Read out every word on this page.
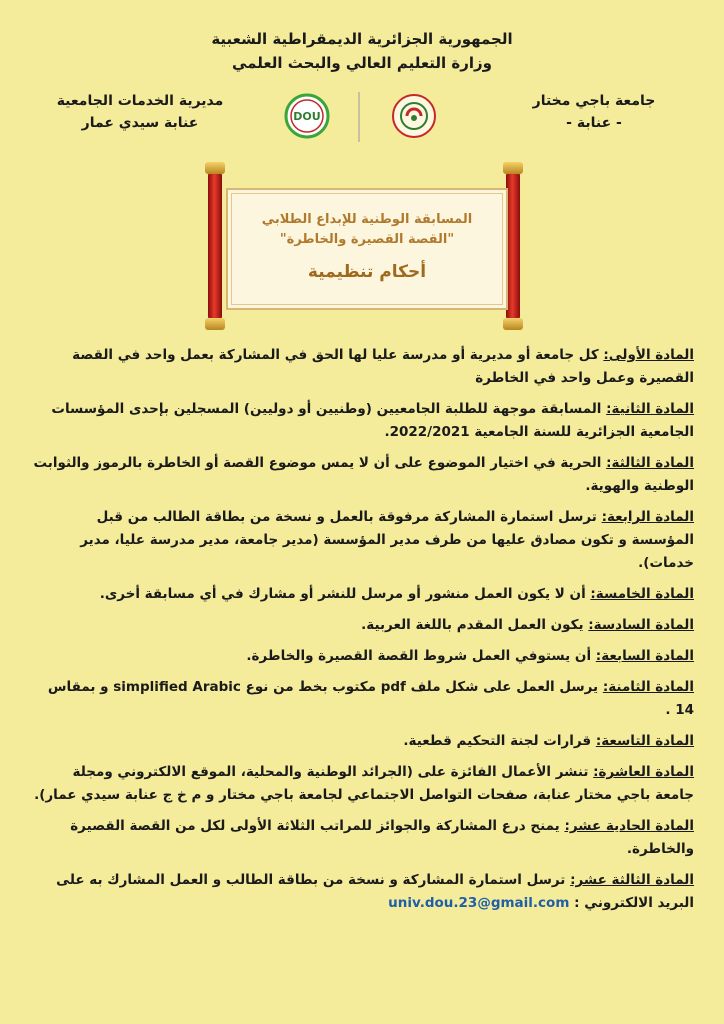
الجمهورية الجزائرية الديمقراطية الشعبية
وزارة التعليم العالي والبحث العلمي
جامعة باجي مختار
- عنابة -
مديرية الخدمات الجامعية
عنابة سيدي عمار	DOU
المسابقة الوطنية للإبداع الطلابي
"القصة القصيرة والخاطرة"
أحكام تنظيمية
المادة الأولى: كل جامعة أو مديرية أو مدرسة عليا لها الحق في المشاركة بعمل واحد في القصة القصيرة وعمل واحد في الخاطرة
المادة الثانية: المسابقة موجهة للطلبة الجامعيين (وطنيين أو دوليين) المسجلين بإحدى المؤسسات الجامعية الجزائرية للسنة الجامعية 2022/2021.
المادة الثالثة: الحرية في اختيار الموضوع على أن لا يمس موضوع القصة أو الخاطرة بالرموز والثوابت الوطنية والهوية.
المادة الرابعة: ترسل استمارة المشاركة مرفوقة بالعمل و نسخة من بطاقة الطالب من قبل المؤسسة و تكون مصادق عليها من طرف مدير المؤسسة (مدير جامعة، مدير مدرسة عليا، مدير خدمات).
المادة الخامسة: أن لا يكون العمل منشور أو مرسل للنشر أو مشارك في أي مسابقة أخرى.
المادة السادسة: يكون العمل المقدم باللغة العربية.
المادة السابعة: أن يستوفي العمل شروط القصة القصيرة والخاطرة.
المادة الثامنة: يرسل العمل على شكل ملف pdf مكتوب بخط من نوع simplified Arabic و بمقاس 14 .
المادة التاسعة: قرارات لجنة التحكيم قطعية.
المادة العاشرة: تنشر الأعمال الفائزة على (الجرائد الوطنية والمحلية، الموقع الالكتروني ومجلة جامعة باجي مختار عنابة، صفحات التواصل الاجتماعي لجامعة باجي مختار و م خ ج عنابة سيدي عمار).
المادة الحادية عشر: يمنح درع المشاركة والجوائز للمراتب الثلاثة الأولى لكل من القصة القصيرة والخاطرة.
المادة الثالثة عشر: ترسل استمارة المشاركة و نسخة من بطاقة الطالب و العمل المشارك به على البريد الالكتروني : univ.dou.23@gmail.com
